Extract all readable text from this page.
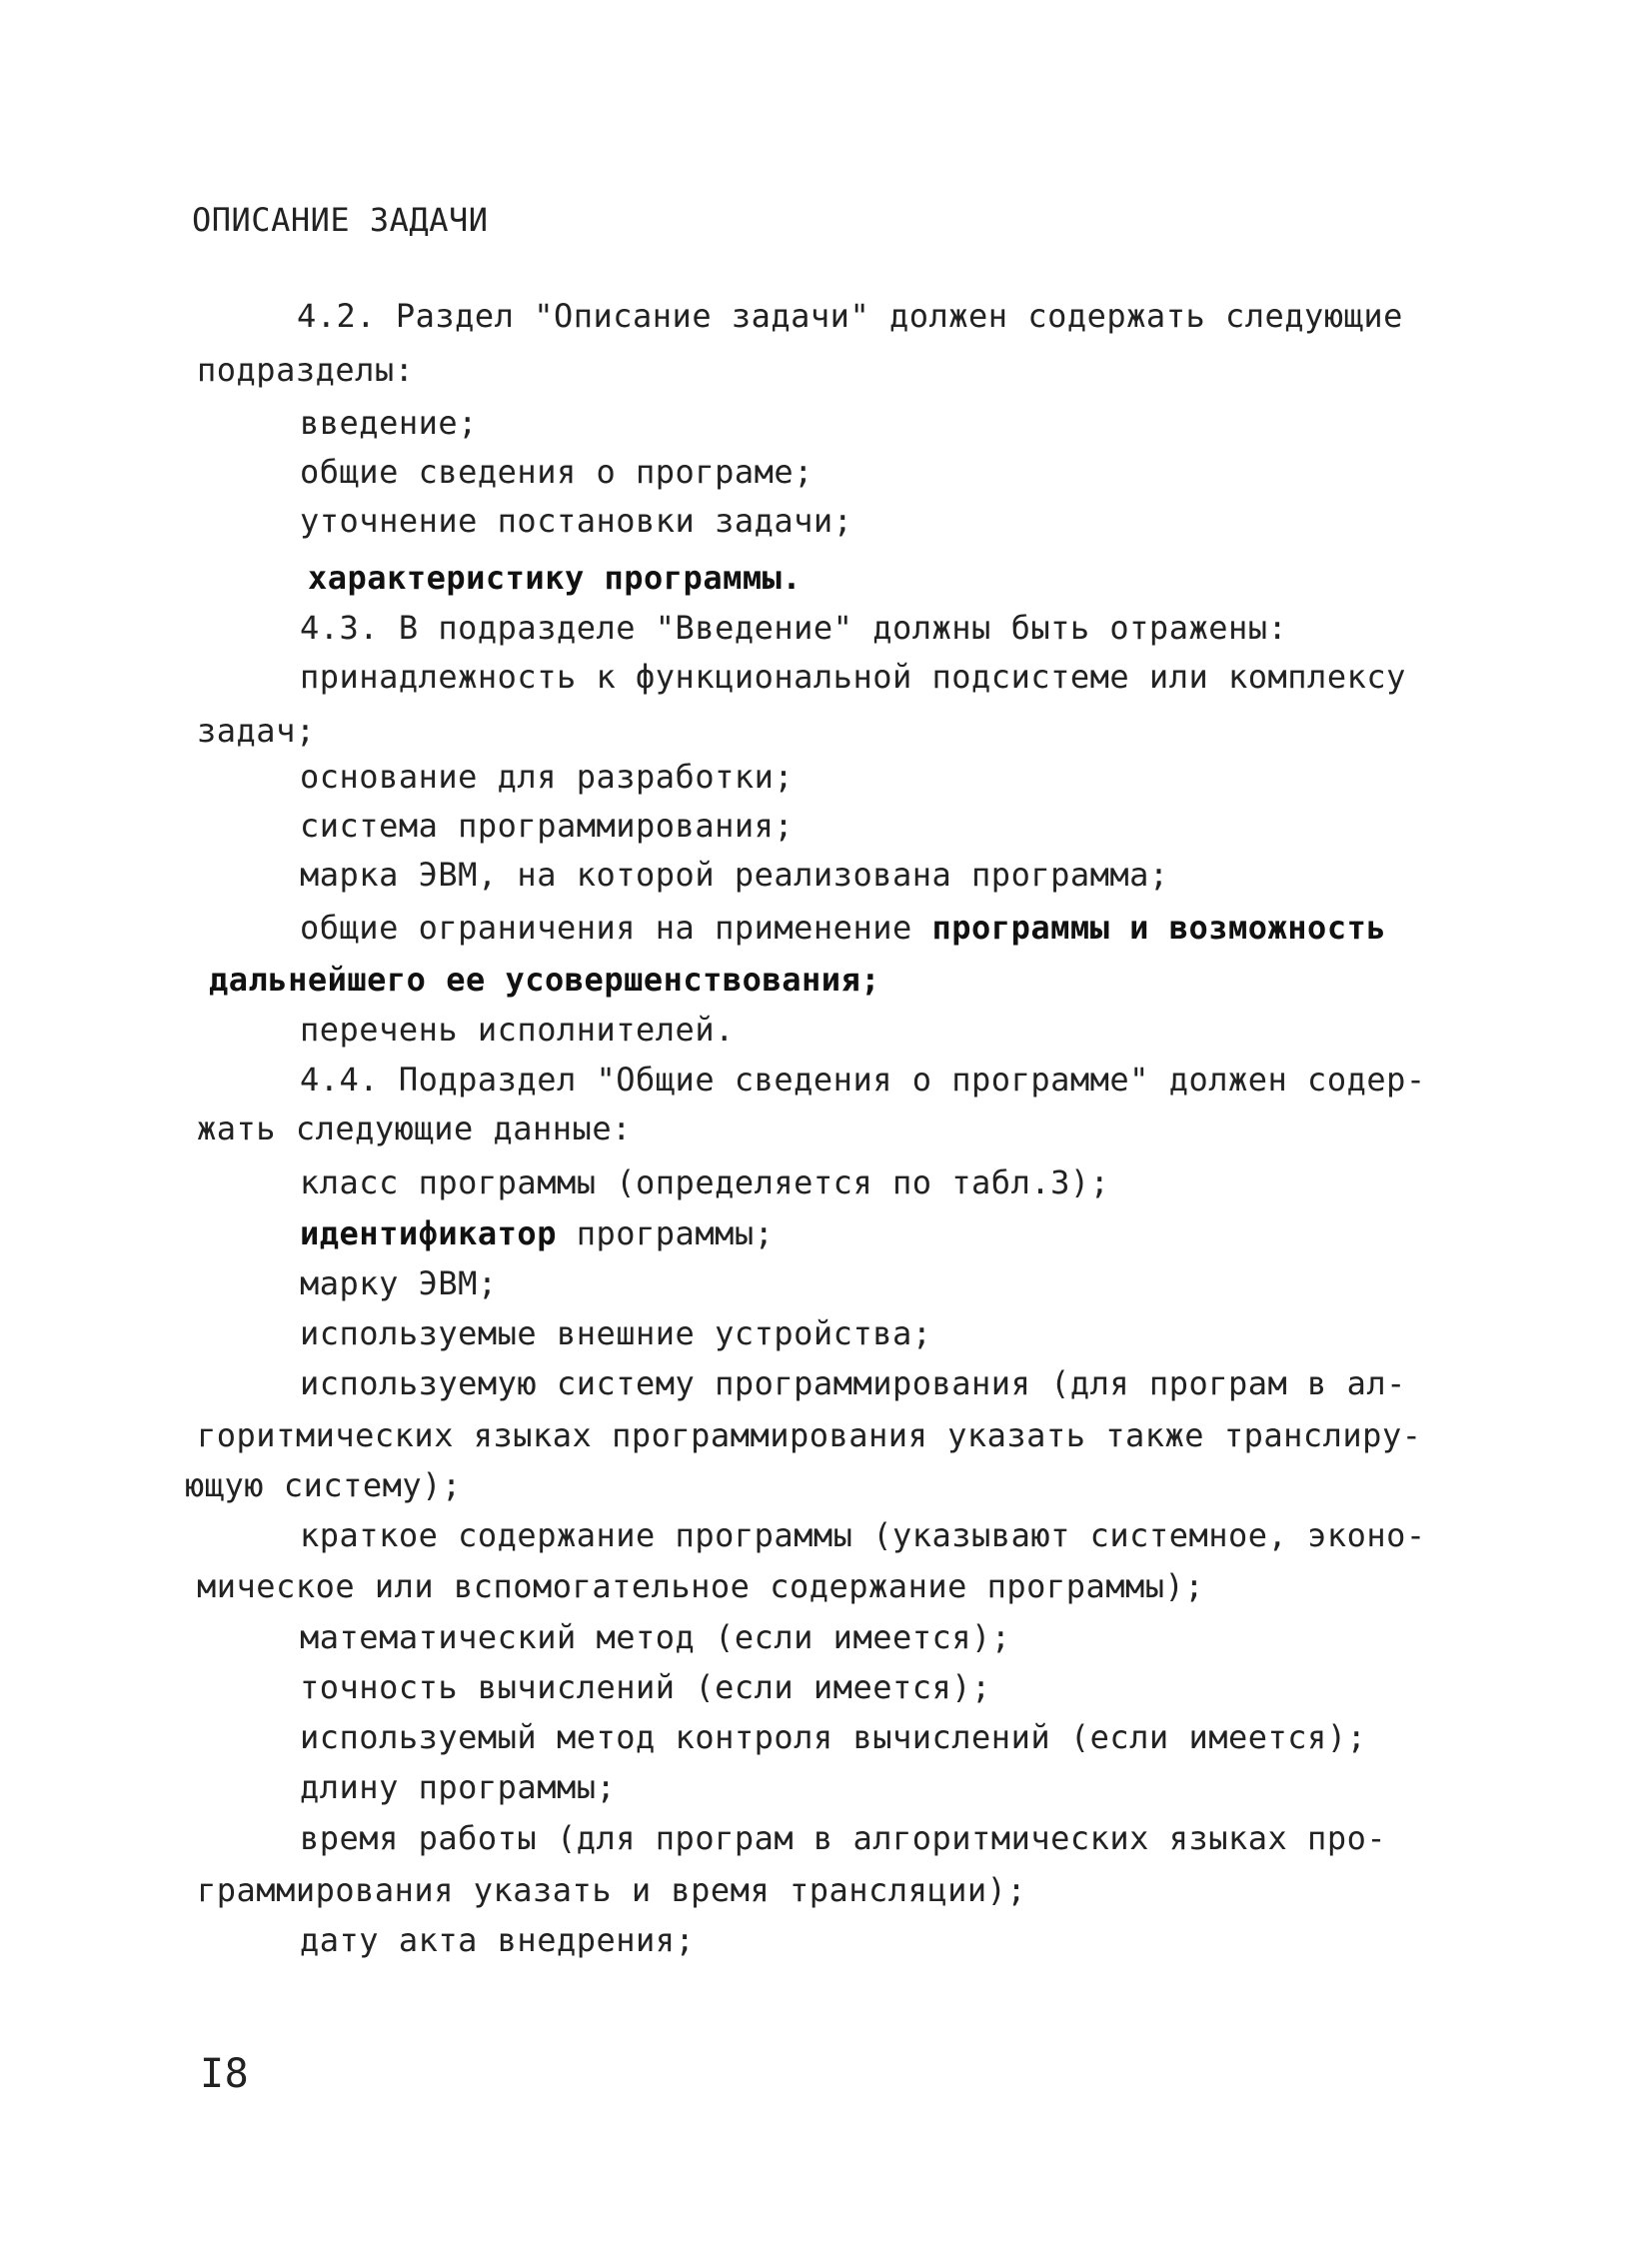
ОПИСАНИЕ ЗАДАЧИ
4.2. Раздел "Описание задачи" должен содержать следующие
подразделы:
введение;
общие сведения о програме;
уточнение постановки задачи;
характеристику программы.
4.3. В подразделе "Введение" должны быть отражены:
принадлежность к функциональной подсистеме или комплексу
задач;
основание для разработки;
система программирования;
марка ЭВМ, на которой реализована программа;
общие ограничения на применение программы и возможность
дальнейшего ее усовершенствования;
перечень исполнителей.
4.4. Подраздел "Общие сведения о программе" должен содер-
жать следующие данные:
класс программы (определяется по табл.3);
идентификатор программы;
марку ЭВМ;
используемые внешние устройства;
используемую систему программирования (для програм в ал-
горитмических языках программирования указать также транслиру-
ющую систему);
краткое содержание программы (указывают системное, эконо-
мическое или вспомогательное содержание программы);
математический метод (если имеется);
точность вычислений (если имеется);
используемый метод контроля вычислений (если имеется);
длину программы;
время работы (для програм в алгоритмических языках про-
граммирования указать и время трансляции);
дату акта внедрения;
I8
